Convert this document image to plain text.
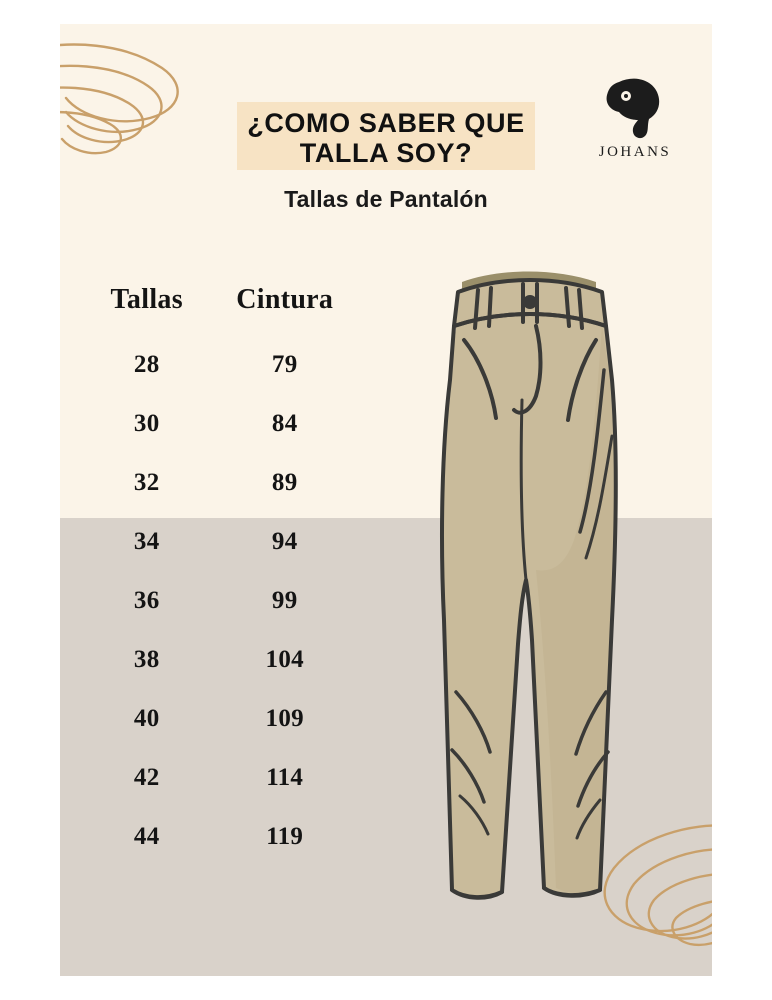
¿COMO SABER QUE
TALLA SOY?
Tallas de Pantalón
JOHANS
Tallas	Cintura
28	79
30	84
32	89
34	94
36	99
38	104
40	109
42	114
44	119
